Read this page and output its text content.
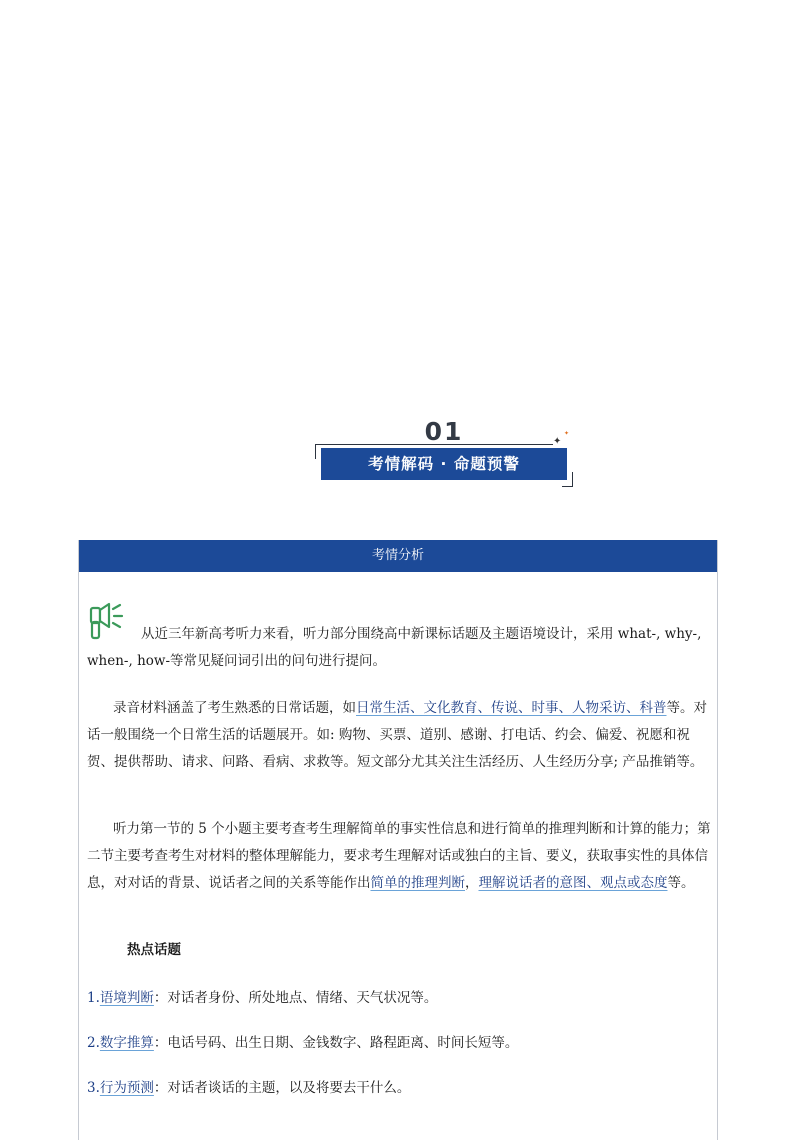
01	✦
✦
考情解码 · 命题预警
考情分析
从近三年新高考听力来看，听力部分围绕高中新课标话题及主题语境设计，采用 what-, why-, when-, how-等常见疑问词引出的问句进行提问。
录音材料涵盖了考生熟悉的日常话题，如日常生活、文化教育、传说、时事、人物采访、科普等。对话一般围绕一个日常生活的话题展开。如: 购物、买票、道别、感谢、打电话、约会、偏爱、祝愿和祝贺、提供帮助、请求、问路、看病、求救等。短文部分尤其关注生活经历、人生经历分享; 产品推销等。
听力第一节的 5 个小题主要考查考生理解简单的事实性信息和进行简单的推理判断和计算的能力；第二节主要考查考生对材料的整体理解能力，要求考生理解对话或独白的主旨、要义，获取事实性的具体信息，对对话的背景、说话者之间的关系等能作出简单的推理判断，理解说话者的意图、观点或态度等。
热点话题
1.语境判断：对话者身份、所处地点、情绪、天气状况等。
2.数字推算：电话号码、出生日期、金钱数字、路程距离、时间长短等。
3.行为预测：对话者谈话的主题，以及将要去干什么。
